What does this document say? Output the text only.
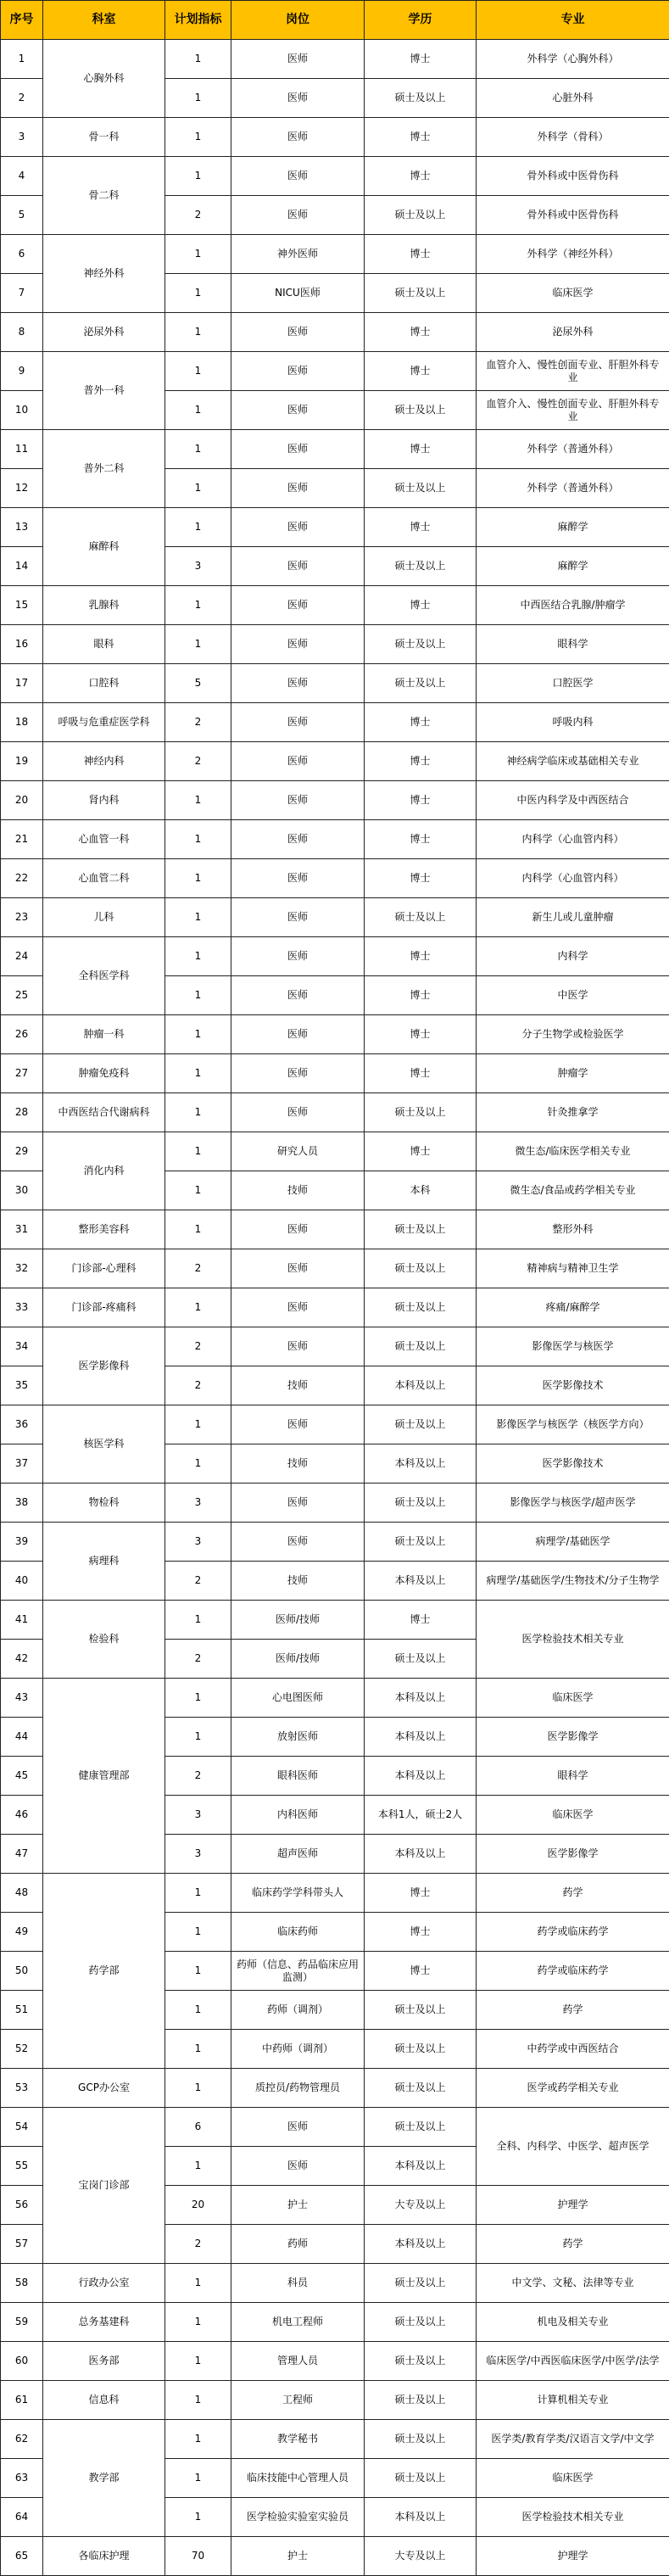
序号	科室	计划指标	岗位	学历	专业
1	心胸外科	1	医师	博士	外科学（心胸外科）
2		1	医师	硕士及以上	心脏外科
3	骨一科	1	医师	博士	外科学（骨科）
4	骨二科	1	医师	博士	骨外科或中医骨伤科
5		2	医师	硕士及以上	骨外科或中医骨伤科
6	神经外科	1	神外医师	博士	外科学（神经外科）
7		1	NICU医师	硕士及以上	临床医学
8	泌尿外科	1	医师	博士	泌尿外科
9	普外一科	1	医师	博士	血管介入、慢性创面专业、肝胆外科专业
10		1	医师	硕士及以上	血管介入、慢性创面专业、肝胆外科专业
11	普外二科	1	医师	博士	外科学（普通外科）
12		1	医师	硕士及以上	外科学（普通外科）
13	麻醉科	1	医师	博士	麻醉学
14		3	医师	硕士及以上	麻醉学
15	乳腺科	1	医师	博士	中西医结合乳腺/肿瘤学
16	眼科	1	医师	硕士及以上	眼科学
17	口腔科	5	医师	硕士及以上	口腔医学
18	呼吸与危重症医学科	2	医师	博士	呼吸内科
19	神经内科	2	医师	博士	神经病学临床或基础相关专业
20	肾内科	1	医师	博士	中医内科学及中西医结合
21	心血管一科	1	医师	博士	内科学（心血管内科）
22	心血管二科	1	医师	博士	内科学（心血管内科）
23	儿科	1	医师	硕士及以上	新生儿或儿童肿瘤
24	全科医学科	1	医师	博士	内科学
25		1	医师	博士	中医学
26	肿瘤一科	1	医师	博士	分子生物学或检验医学
27	肿瘤免疫科	1	医师	博士	肿瘤学
28	中西医结合代谢病科	1	医师	硕士及以上	针灸推拿学
29	消化内科	1	研究人员	博士	微生态/临床医学相关专业
30		1	技师	本科	微生态/食品或药学相关专业
31	整形美容科	1	医师	硕士及以上	整形外科
32	门诊部-心理科	2	医师	硕士及以上	精神病与精神卫生学
33	门诊部-疼痛科	1	医师	硕士及以上	疼痛/麻醉学
34	医学影像科	2	医师	硕士及以上	影像医学与核医学
35		2	技师	本科及以上	医学影像技术
36	核医学科	1	医师	硕士及以上	影像医学与核医学（核医学方向）
37		1	技师	本科及以上	医学影像技术
38	物检科	3	医师	硕士及以上	影像医学与核医学/超声医学
39	病理科	3	医师	硕士及以上	病理学/基础医学
40		2	技师	本科及以上	病理学/基础医学/生物技术/分子生物学
41	检验科	1	医师/技师	博士	医学检验技术相关专业
42		2	医师/技师	硕士及以上	
43	健康管理部	1	心电图医师	本科及以上	临床医学
44		1	放射医师	本科及以上	医学影像学
45		2	眼科医师	本科及以上	眼科学
46		3	内科医师	本科1人，硕士2人	临床医学
47		3	超声医师	本科及以上	医学影像学
48	药学部	1	临床药学学科带头人	博士	药学
49		1	临床药师	博士	药学或临床药学
50		1	药师（信息、药品临床应用监测）	博士	药学或临床药学
51		1	药师（调剂）	硕士及以上	药学
52		1	中药师（调剂）	硕士及以上	中药学或中西医结合
53	GCP办公室	1	质控员/药物管理员	硕士及以上	医学或药学相关专业
54	宝岗门诊部	6	医师	硕士及以上	全科、内科学、中医学、超声医学
55		1	医师	本科及以上	
56		20	护士	大专及以上	护理学
57		2	药师	本科及以上	药学
58	行政办公室	1	科员	硕士及以上	中文学、文秘、法律等专业
59	总务基建科	1	机电工程师	硕士及以上	机电及相关专业
60	医务部	1	管理人员	硕士及以上	临床医学/中西医临床医学/中医学/法学
61	信息科	1	工程师	硕士及以上	计算机相关专业
62	教学部	1	教学秘书	硕士及以上	医学类/教育学类/汉语言文学/中文学
63		1	临床技能中心管理人员	硕士及以上	临床医学
64		1	医学检验实验室实验员	本科及以上	医学检验技术相关专业
65	各临床护理	70	护士	大专及以上	护理学
